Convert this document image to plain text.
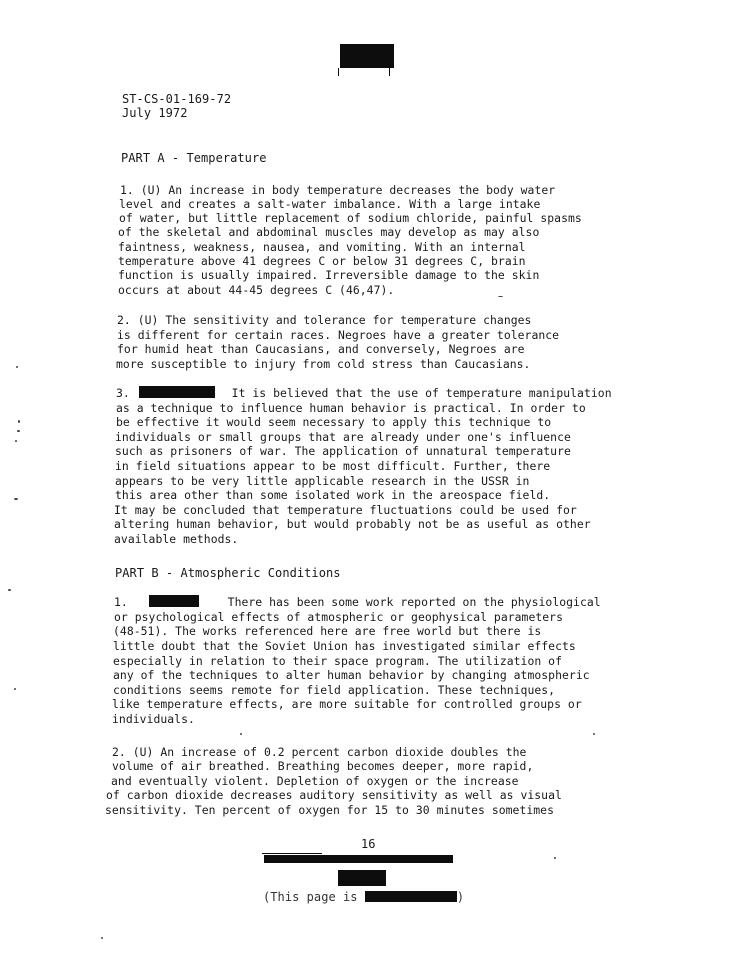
ST-CS-01-169-72
July 1972
PART A - Temperature
1. (U) An increase in body temperature decreases the body water
level and creates a salt-water imbalance. With a large intake
of water, but little replacement of sodium chloride, painful spasms
of the skeletal and abdominal muscles may develop as may also
faintness, weakness, nausea, and vomiting. With an internal
temperature above 41 degrees C or below 31 degrees C, brain
function is usually impaired. Irreversible damage to the skin
occurs at about 44-45 degrees C (46,47).
2. (U) The sensitivity and tolerance for temperature changes
is different for certain races. Negroes have a greater tolerance
for humid heat than Caucasians, and conversely, Negroes are
more susceptible to injury from cold stress than Caucasians.
3.	It is believed that the use of temperature manipulation
as a technique to influence human behavior is practical. In order to
be effective it would seem necessary to apply this technique to
individuals or small groups that are already under one's influence
such as prisoners of war. The application of unnatural temperature
in field situations appear to be most difficult. Further, there
appears to be very little applicable research in the USSR in
this area other than some isolated work in the areospace field.
It may be concluded that temperature fluctuations could be used for
altering human behavior, but would probably not be as useful as other
available methods.
PART B - Atmospheric Conditions
1.	There has been some work reported on the physiological
or psychological effects of atmospheric or geophysical parameters
(48-51). The works referenced here are free world but there is
little doubt that the Soviet Union has investigated similar effects
especially in relation to their space program. The utilization of
any of the techniques to alter human behavior by changing atmospheric
conditions seems remote for field application. These techniques,
like temperature effects, are more suitable for controlled groups or
individuals.
2. (U) An increase of 0.2 percent carbon dioxide doubles the
volume of air breathed. Breathing becomes deeper, more rapid,
and eventually violent. Depletion of oxygen or the increase
of carbon dioxide decreases auditory sensitivity as well as visual
sensitivity. Ten percent of oxygen for 15 to 30 minutes sometimes
16
(This page is	)
